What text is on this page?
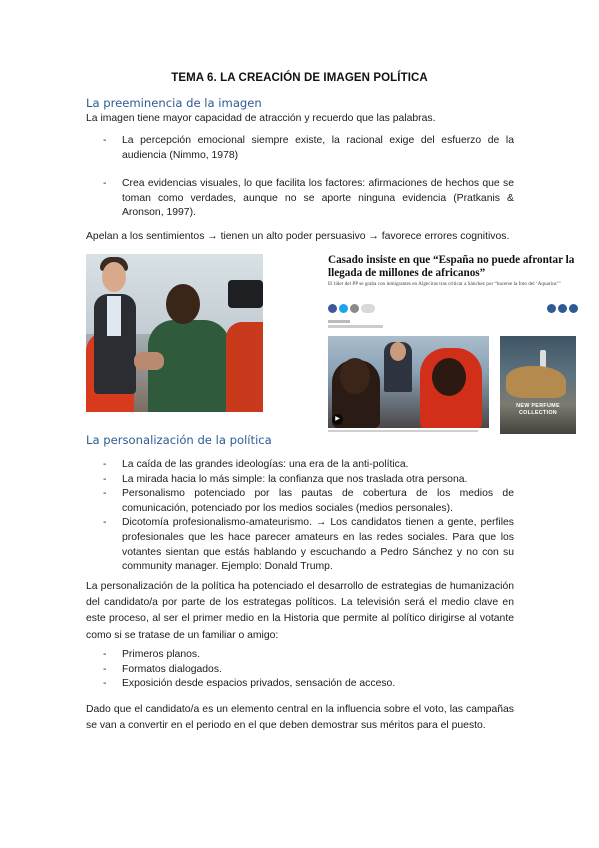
TEMA 6. LA CREACIÓN DE IMAGEN POLÍTICA
La preeminencia de la imagen
La imagen tiene mayor capacidad de atracción y recuerdo que las palabras.
- La percepción emocional siempre existe, la racional exige del esfuerzo de la audiencia (Nimmo, 1978)
- Crea evidencias visuales, lo que facilita los factores: afirmaciones de hechos que se toman como verdades, aunque no se aporte ninguna evidencia (Pratkanis & Aronson, 1997).
Apelan a los sentimientos → tienen un alto poder persuasivo → favorece errores cognitivos.
Casado insiste en que “España no puede afrontar la llegada de millones de africanos”
El líder del PP se graba con inmigrantes en Algeciras tras criticar a Sánchez por “hacerse la foto del ‘Aquarius’”
▶
NEW PERFUME COLLECTION
La personalización de la política
- La caída de las grandes ideologías: una era de la anti-política.
- La mirada hacia lo más simple: la confianza que nos traslada otra persona.
- Personalismo potenciado por las pautas de cobertura de los medios de comunicación, potenciado por los medios sociales (medios personales).
- Dicotomía profesionalismo-amateurismo. → Los candidatos tienen a gente, perfiles profesionales que les hace parecer amateurs en las redes sociales. Para que los votantes sientan que estás hablando y escuchando a Pedro Sánchez y no con su community manager. Ejemplo: Donald Trump.
La personalización de la política ha potenciado el desarrollo de estrategias de humanización del candidato/a por parte de los estrategas políticos. La televisión será el medio clave en este proceso, al ser el primer medio en la Historia que permite al político dirigirse al votante como si se tratase de un familiar o amigo:
- Primeros planos.
- Formatos dialogados.
- Exposición desde espacios privados, sensación de acceso.
Dado que el candidato/a es un elemento central en la influencia sobre el voto, las campañas se van a convertir en el periodo en el que deben demostrar sus méritos para el puesto.
